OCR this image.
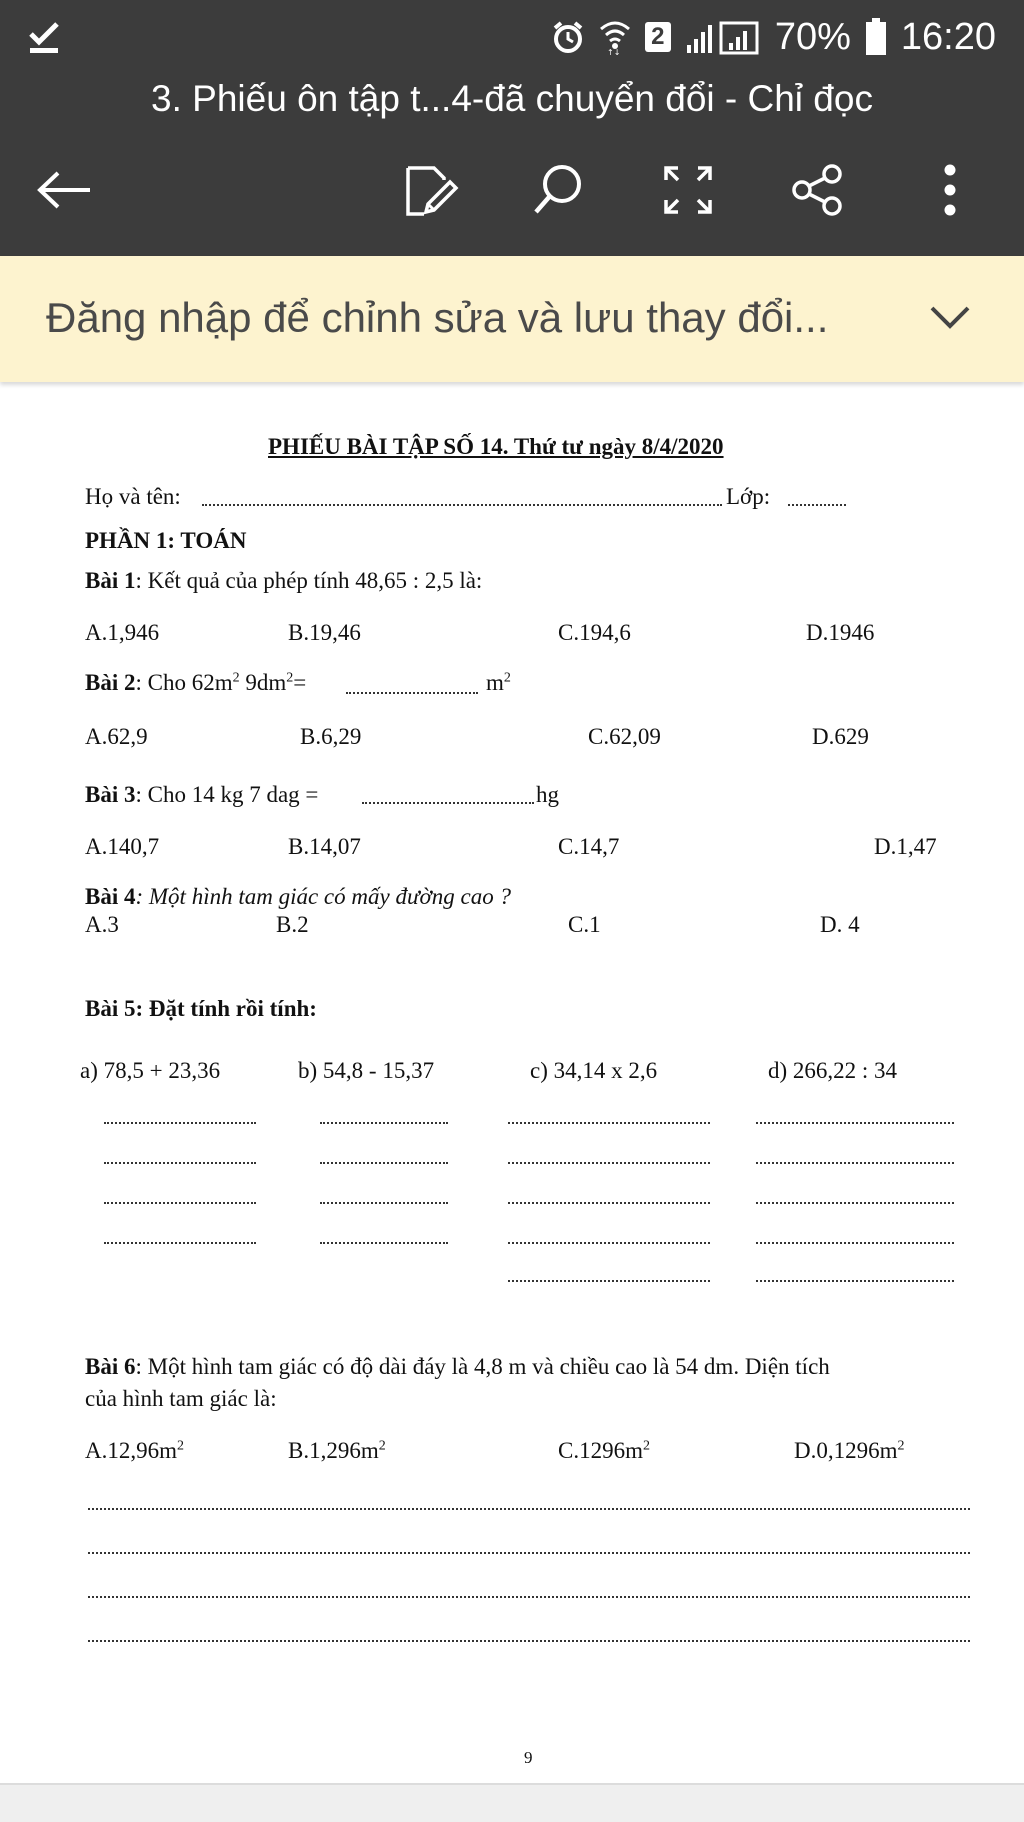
↑↓
2	70% 16:20
3. Phiếu ôn tập t...4-đã chuyển đổi - Chỉ đọc
Đăng nhập để chỉnh sửa và lưu thay đổi...
PHIẾU BÀI TẬP SỐ 14. Thứ tư ngày 8/4/2020
Họ và tên:	Lớp:
PHẦN 1: TOÁN
Bài 1: Kết quả của phép tính 48,65 : 2,5 là:
A.1,946	B.19,46	C.194,6	D.1946
Bài 2: Cho $62m^2$ $9dm^2=$	$m^2$
A.62,9	B.6,29	C.62,09	D.629
Bài 3: Cho 14 kg 7 dag =	hg
A.140,7	B.14,07	C.14,7	D.1,47
Bài 4: Một hình tam giác có mấy đường cao ?
A.3	B.2	C.1	D. 4
Bài 5: Đặt tính rồi tính:
a) 78,5 + 23,36	b) 54,8 - 15,37	c) 34,14 x 2,6	d) 266,22 : 34
Bài 6: Một hình tam giác có độ dài đáy là 4,8 m và chiều cao là 54 dm. Diện tích
của hình tam giác là:
$A.12,96m^2$	$B.1,296m^2$	$C.1296m^2$	$D.0,1296m^2$
9
